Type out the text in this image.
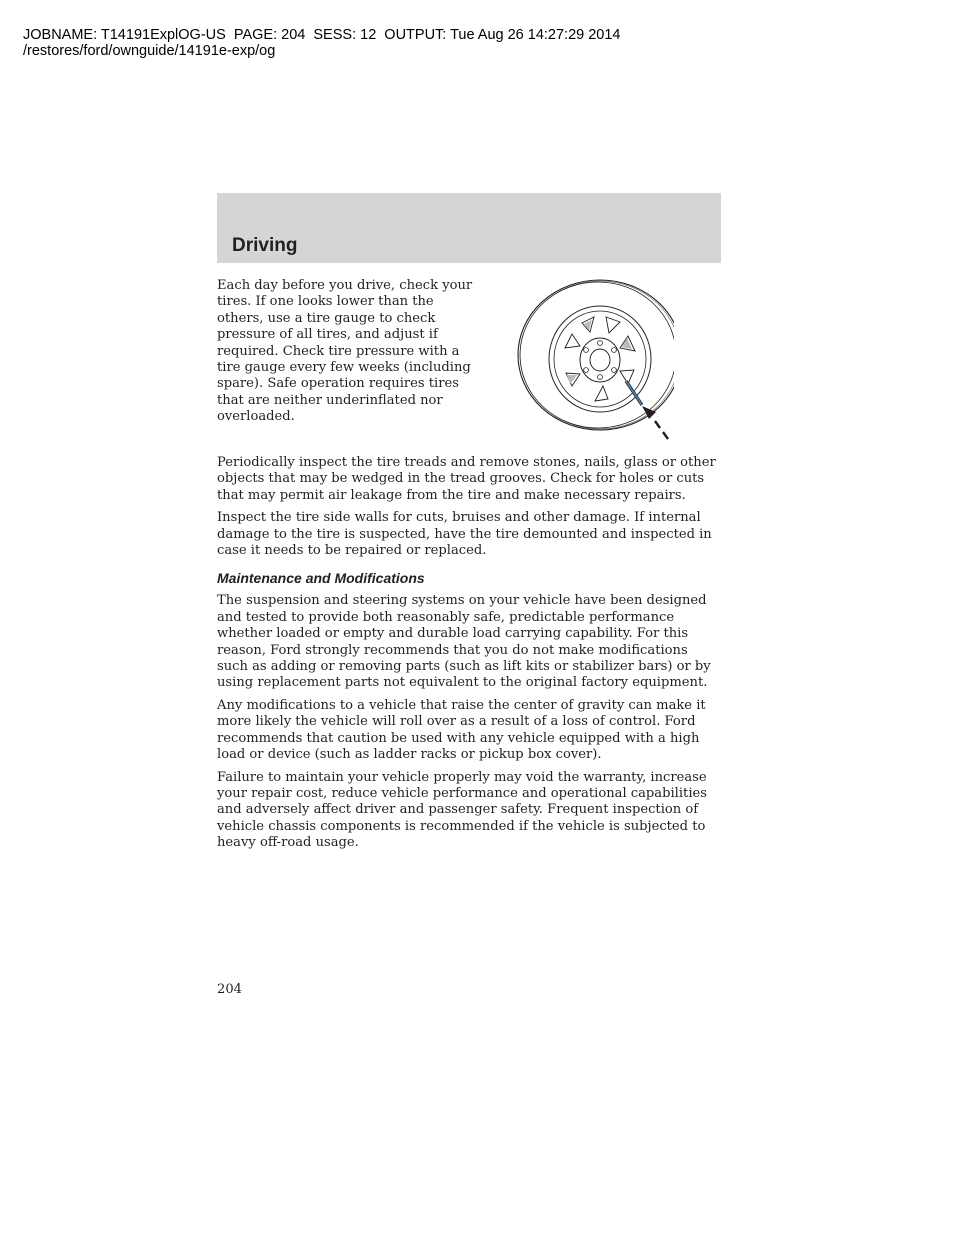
JOBNAME: T14191ExplOG-US  PAGE: 204  SESS: 12  OUTPUT: Tue Aug 26 14:27:29 2014
/restores/ford/ownguide/14191e-exp/og
Driving

Each day before you drive, check your tires. If one looks lower than the others, use a tire gauge to check pressure of all tires, and adjust if required. Check tire pressure with a tire gauge every few weeks (including spare). Safe operation requires tires that are neither underinflated nor overloaded.

Periodically inspect the tire treads and remove stones, nails, glass or other objects that may be wedged in the tread grooves. Check for holes or cuts that may permit air leakage from the tire and make necessary repairs.

Inspect the tire side walls for cuts, bruises and other damage. If internal damage to the tire is suspected, have the tire demounted and inspected in case it needs to be repaired or replaced.

Maintenance and Modifications

The suspension and steering systems on your vehicle have been designed and tested to provide both reasonably safe, predictable performance whether loaded or empty and durable load carrying capability. For this reason, Ford strongly recommends that you do not make modifications such as adding or removing parts (such as lift kits or stabilizer bars) or by using replacement parts not equivalent to the original factory equipment.

Any modifications to a vehicle that raise the center of gravity can make it more likely the vehicle will roll over as a result of a loss of control. Ford recommends that caution be used with any vehicle equipped with a high load or device (such as ladder racks or pickup box cover).

Failure to maintain your vehicle properly may void the warranty, increase your repair cost, reduce vehicle performance and operational capabilities and adversely affect driver and passenger safety. Frequent inspection of vehicle chassis components is recommended if the vehicle is subjected to heavy off-road usage.

204
